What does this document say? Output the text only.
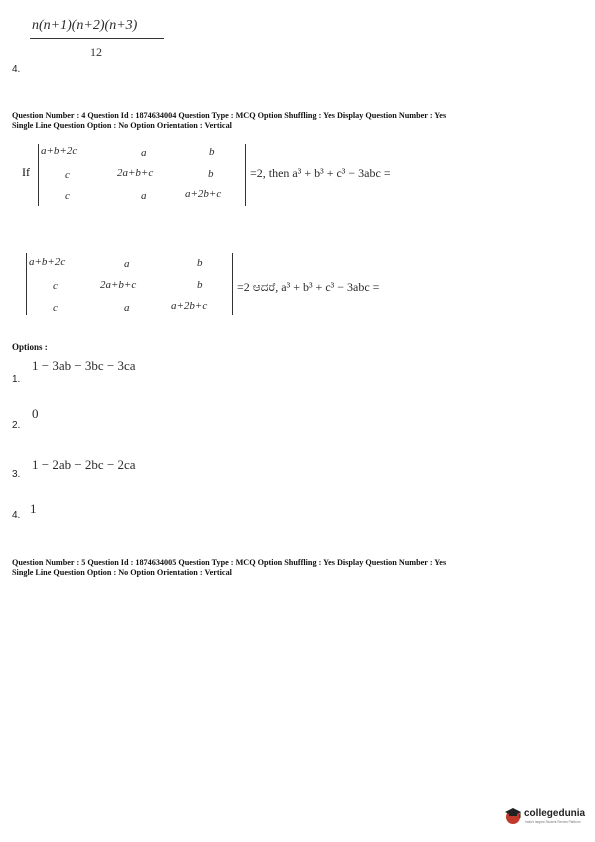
n(n+1)(n+2)(n+3)
12
4.
Question Number : 4 Question Id : 1874634004 Question Type : MCQ Option Shuffling : Yes Display Question Number : Yes
Single Line Question Option : No Option Orientation : Vertical
If
a+b+2c	a	b
c	2a+b+c	b
c	a	a+2b+c
=2, then a³ + b³ + c³ − 3abc =
a+b+2c	a	b
c	2a+b+c	b
c	a	a+2b+c
=2 ಆದರೆ, a³ + b³ + c³ − 3abc =
Options :
1.
1 − 3ab − 3bc − 3ca
2.
0
3.
1 − 2ab − 2bc − 2ca
4. 1
Question Number : 5 Question Id : 1874634005 Question Type : MCQ Option Shuffling : Yes Display Question Number : Yes
Single Line Question Option : No Option Orientation : Vertical
collegedunia
India's largest Student Review Platform
